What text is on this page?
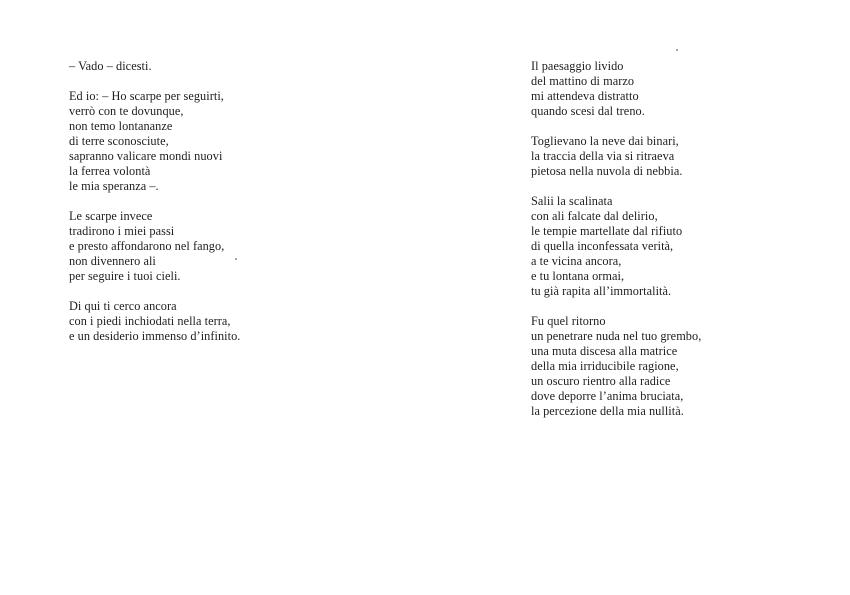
– Vado – dicesti.
Ed io: – Ho scarpe per seguirti,
verrò con te dovunque,
non temo lontananze
di terre sconosciute,
sapranno valicare mondi nuovi
la ferrea volontà
le mia speranza –.
Le scarpe invece
tradirono i miei passi
e presto affondarono nel fango,
non divennero ali
per seguire i tuoi cieli.
Di qui ti cerco ancora
con i piedi inchiodati nella terra,
e un desiderio immenso d’infinito.
Il paesaggio livido
del mattino di marzo
mi attendeva distratto
quando scesi dal treno.
Toglievano la neve dai binari,
la traccia della via si ritraeva
pietosa nella nuvola di nebbia.
Salii la scalinata
con ali falcate dal delirio,
le tempie martellate dal rifiuto
di quella inconfessata verità,
a te vicina ancora,
e tu lontana ormai,
tu già rapita all’immortalità.
Fu quel ritorno
un penetrare nuda nel tuo grembo,
una muta discesa alla matrice
della mia irriducibile ragione,
un oscuro rientro alla radice
dove deporre l’anima bruciata,
la percezione della mia nullità.
